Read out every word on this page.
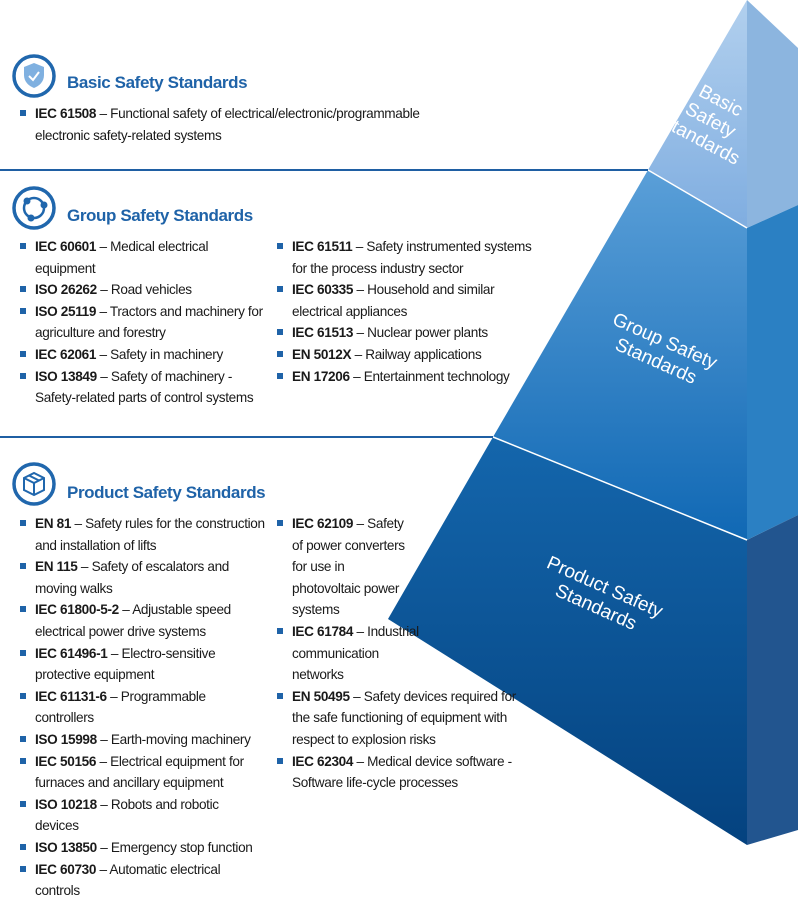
Basic
Safety
Standards
Group Safety
Standards
Product Safety
Standards
Basic Safety Standards
Group Safety Standards
Product Safety Standards
IEC 61508 – Functional safety of electrical/electronic/programmable electronic safety-related systems
IEC 60601 – Medical electrical equipment
ISO 26262 – Road vehicles
ISO 25119 – Tractors and machinery for agriculture and forestry
IEC 62061 – Safety in machinery
ISO 13849 – Safety of machinery - Safety-related parts of control systems
IEC 61511 – Safety instrumented systems for the process industry sector
IEC 60335 – Household and similar electrical appliances
IEC 61513 – Nuclear power plants
EN 5012X – Railway applications
EN 17206 – Entertainment technology
EN 81 – Safety rules for the construction and installation of lifts
EN 115 – Safety of escalators and moving walks
IEC 61800-5-2 – Adjustable speed electrical power drive systems
IEC 61496-1 – Electro-sensitive protective equipment
IEC 61131-6 – Programmable controllers
ISO 15998 – Earth-moving machinery
IEC 50156 – Electrical equipment for furnaces and ancillary equipment
ISO 10218 – Robots and robotic devices
ISO 13850 – Emergency stop function
IEC 60730 – Automatic electrical controls
IEC 62109 – Safety of power converters for use in photovoltaic power systems
IEC 61784 – Industrial communication networks
EN 50495 – Safety devices required for the safe functioning of equipment with respect to explosion risks
IEC 62304 – Medical device software - Software life-cycle processes
